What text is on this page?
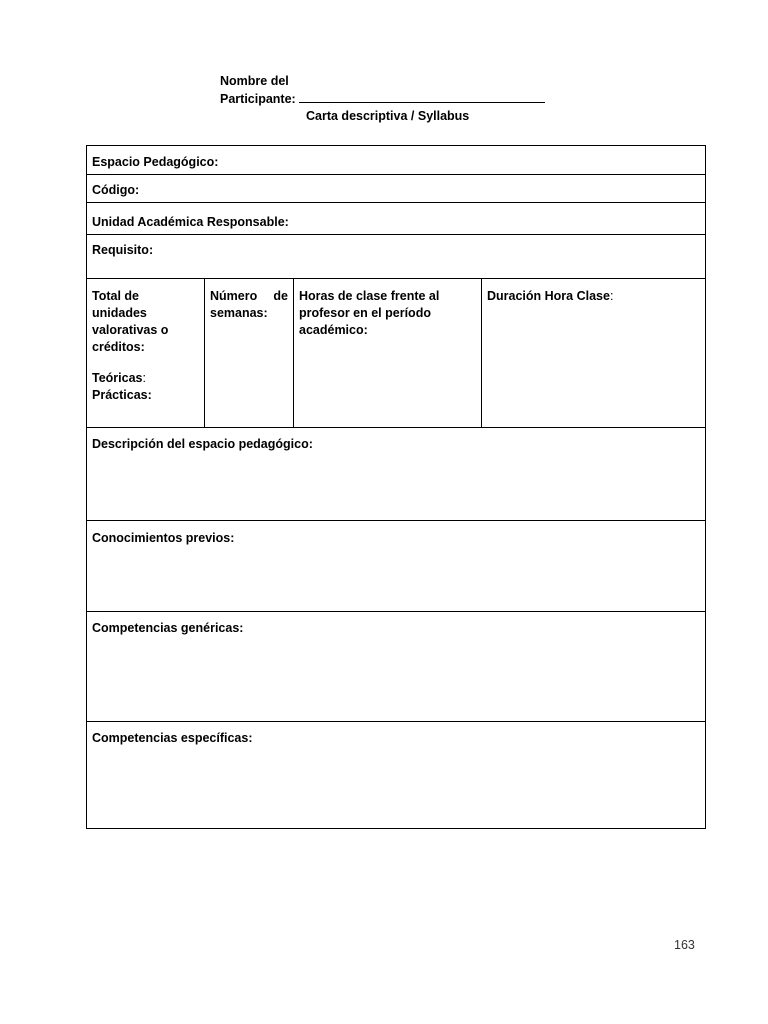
Nombre del
Participante:
Carta descriptiva / Syllabus
Espacio Pedagógico:
Código:
Unidad Académica Responsable:
Requisito:
Total de
unidades
valorativas o
créditos:
Teóricas:
Prácticas:
Número de
semanas:
Horas de clase frente al
profesor en el período
académico:
Duración Hora Clase:
Descripción del espacio pedagógico:
Conocimientos previos:
Competencias genéricas:
Competencias específicas:
163
